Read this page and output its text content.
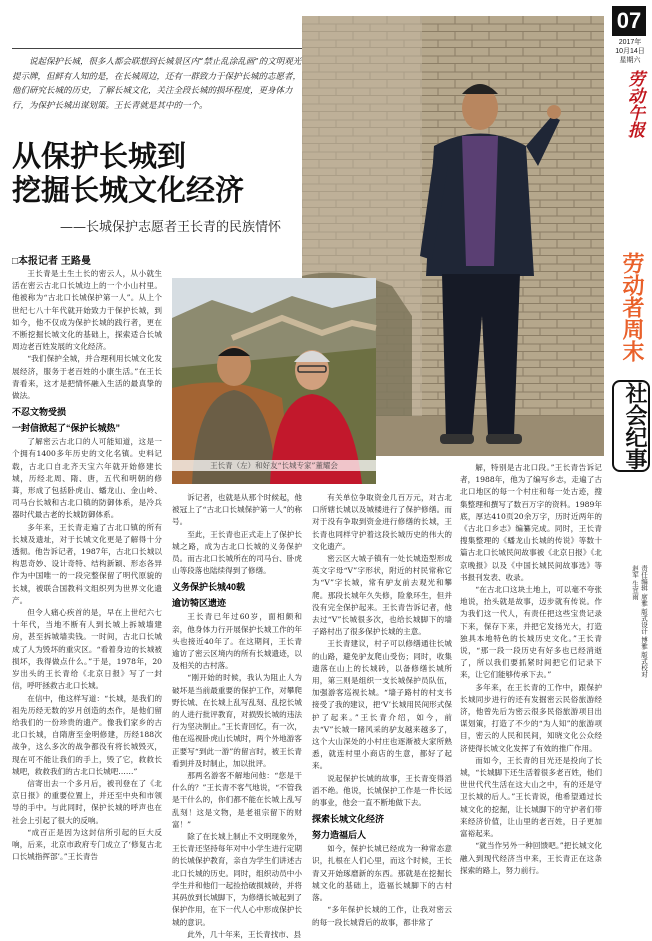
07
2017年
10月14日
星期六
劳动午报
劳动者周末
社会纪事
责任编辑 席雅 版式设计 博雅 版式校对 赵军 生宣雨
说起保护长城，很多人都会联想到长城景区内“禁止乱涂乱画”的文明观光提示牌，但鲜有人知的是，在长城周边，还有一群致力于保护长城的志愿者，他们研究长城的历史，了解长城文化，关注全段长城的损坏程度，更身体力行，为保护长城出谋划策。王长青就是其中的一个。
从保护长城到
挖掘长城文化经济
——长城保护志愿者王长青的民族情怀
□本报记者 王路曼
王长青（左）和好友“长城专家”董耀会

王长青是土生土长的密云人，从小就生活在密云古北口长城边上的一个小山村里。他被称为“古北口长城保护第一人”。从上个世纪七八十年代就开始致力于保护长城，到如今，他不仅成为保护长城的践行者，更在不断挖掘长城文化的基础上，探索适合长城周边老百姓发展的文化经济。

“我们保护全城，并合理利用长城文化发展经济，服务于老百姓的小康生活。”在王长青看来，这才是把情怀融入生活的最真挚的做法。

不忍文物受损
一封信掀起了“保护长城热”

了解密云古北口的人可能知道，这是一个拥有1400多年历史的文化名镇。史料记载，古北口自北齐天宝六年就开始修建长城，历经北周、隋、唐，五代和明朝的修葺，形成了包括卧虎山、蟠龙山、金山岭、司马台长城和古北口镇的防御体系，是冷兵器时代最古老的长城防御体系。

多年来，王长青走遍了古北口镇的所有长城及遗址，对于长城文化更是了解得十分透彻。他告诉记者，1987年，古北口长城以构思奇妙、设计奇特、结构新颖、形态各异作为中国唯一的一段完整保留了明代原貌的长城，被联合国教科文组织列为世界文化遗产。

但令人痛心疾首的是，早在上世纪六七十年代，当地不断有人到长城上拆城墙建房，甚至拆城墙卖钱。一时间，古北口长城成了人为毁坏的重灾区。“看着身边的长城被损坏，我得做点什么。”于是，1978年，20岁出头的王长青给《北京日报》写了一封信，呼吁拯救古北口长城。

在信中，他这样写道：“长城，是我们的祖先历经无数的岁月创造的杰作，是他们留给我们的一份珍贵的遗产。像我们家乡的古北口长城，自隋唐至金明修建，历经188次战争，这么多次的战争都没有将长城毁灭，现在可不能让我们的手上，毁了它，救救长城吧，救救我们的古北口长城吧……”

信寄出去一个多月后，被刊登在了《北京日报》的重要位置上，并还至中央和市领导的手中。与此同时，保护长城的呼声也在社会上引起了很大的反响。

“成百正是因为这封信所引起的巨大反响，后来，北京市政府专门成立了‘修复古北口长城指挥部’。”王长青告

诉记者，也就是从那个时候起，他被冠上了“古北口长城保护第一人”的称号。

至此，王长青也正式走上了保护长城之路，成为古北口长城的义务保护员。而古北口长城所在的司马台、卧虎山等段落也陆续得到了修缮。

义务保护长城40载
逾访犄区遗迹

王长青已年过60岁，面相颇和亲，他身体力行开展保护长城工作的年头也接近40年了。在这期间，王长青逾访了密云区境内的所有长城遗迹，以及相关的古村落。

“刚开始的时候，我认为阻止人为破坏是当前最重要的保护工作，对攀爬野长城、在长城上乱写乱刻、乱挖长城的人进行批评教育，对损毁长城的违法行为坚决制止。”王长青回忆，有一次，他在巡视卧虎山长城时，两个外地游客正要写“到此一游”的留言时，被王长青看到并及时制止，加以批评。

那两名游客不解地问他：“您是干什么的？”王长青不客气地说，“不管我是干什么的，你们都不能在长城上乱写乱刻！这是文物，是老祖宗留下的财富！”

除了在长城上制止不文明现象外，王长青还坚持每年对中小学生进行定期的长城保护教育，亲自为学生们讲述古北口长城的历史。同时，组织动员中小学生并和他们一起捡拾破损城砖，并将其码放到长城脚下，为修缮长城起到了保护作用，在下一代人心中形成保护长城的意识。

此外，几十年来，王长青找市、县

有关单位争取资金几百万元，对古北口所辖长城以及城楼进行了保护修缮。而对于没有争取到资金进行修缮的长城，王长青也同样守护着这段长城历史的伟大的文化遗产。

密云区大城子镇有一处长城造型形成英文字母“V”字形状，附近的村民常称它为“V”字长城，常有驴友前去观光和攀爬。那段长城年久失修，险象环生，但并没有完全保护起来。王长青告诉记者，他去过“V”长城很多次，也给长城脚下的墙子路村出了很多保护长城的主意。

王长青建议，村子可以修缮通往长城的山路，避免驴友爬山受伤；同时，收集遗落在山上的长城砖，以备修缮长城所用，第三则是组织一支长城保护员队伍，加强游客巡视长城。“墙子路村的村支书接受了我的建议，把‘V’长城用民间形式保护了起来。”王长青介绍，如今，前去“V”长城一睹风采的驴友越来越多了，这个大山深处的小村庄也逐渐被大家所熟悉，就连村里小商店的生意，都好了起来。

说起保护长城的故事，王长青变得滔滔不绝。他说，长城保护工作是一件长远的事业，他会一直不断地做下去。

探索长城文化经济
努力造福后人

如今，保护长城已经成为一种常态意识，扎根在人们心里，而这个时候，王长青又开始琢磨新的东西。那就是在挖掘长城文化的基础上，造福长城脚下的古村落。

“多年保护长城的工作，让我对密云的每一段长城背后的故事，都非常了

解，特别是古北口段。”王长青告诉记者，1988年，他为了编写乡志，走遍了古北口地区的每一个村庄和每一处古迹，搜集整理和撰写了数百万字的资料。1989年底，厚达410页20余万字，历时近两年的《古北口乡志》编纂完成。同时，王长青搜集整理的《蟠龙山长城的传说》等数十篇古北口长城民间故事被《北京日报》《北京晚报》以及《中国长城民间故事选》等书报刊发表、收录。

“在古北口这块土地上，可以毫不夸张地说，抬头就是故事，迈步就有传说。作为我们这一代人，有责任把这些宝贵记录下来，保存下来，并把它发扬光大，打造独具本地特色的长城历史文化。”王长青说，“那一段一段历史有好多也已经消逝了，所以我们要抓紧时间把它们记录下来，让它们能够传承下去。”

多年来，在王长青的工作中，跟保护长城同步进行的还有发掘密云民俗旅游经济，他曾先后为密云很多民俗旅游项目出谋划策，打造了不少的“为人知”的旅游项目，密云的人民和民间，知晓文化公众经济使得长城文化发挥了有效的推广作用。

而如今，王长青的目光还是投向了长城，“长城脚下还生活着很多老百姓，他们世世代代生活在这大山之中，有的还是守卫长城的后人。”王长青说，他希望通过长城文化的挖掘，让长城脚下的守护者们带来经济价值，让山里的老百姓，日子更加富裕起来。

“就当作另外一种回馈吧。”把长城文化融入到现代经济当中来，王长青正在这条探索的路上，努力前行。
